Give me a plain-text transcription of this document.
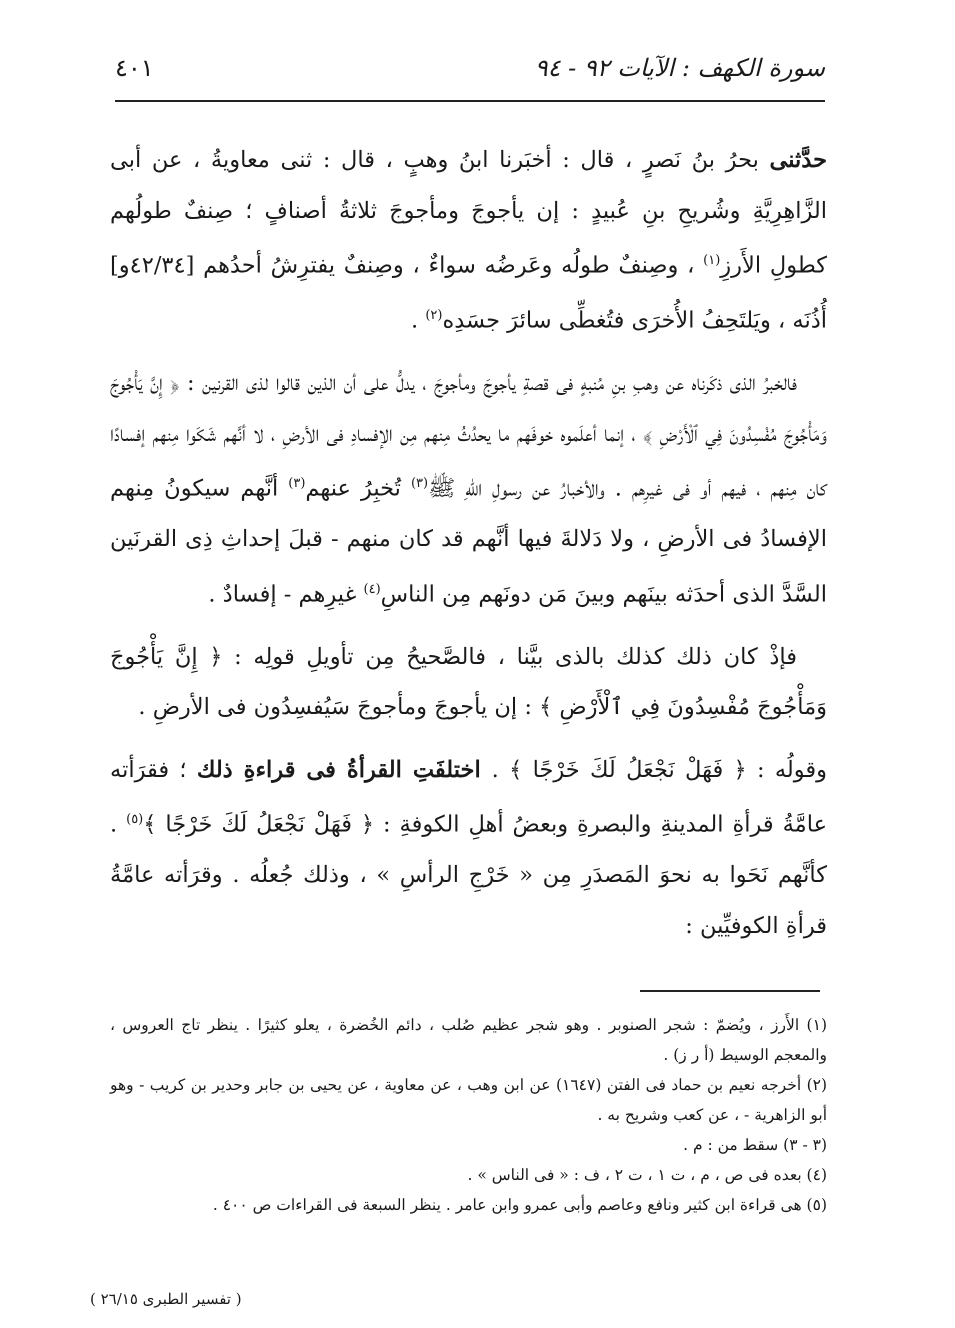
سورة الكهف : الآيات ٩٢ - ٩٤
٤٠١

حدَّثنى بحرُ بنُ نَصرٍ ، قال : أخبَرنا ابنُ وهبٍ ، قال : ثنى معاويةُ ، عن أبى الزَّاهِرِيَّةِ وشُريحِ بنِ عُبيدٍ : إن يأجوجَ ومأجوجَ ثلاثةُ أصنافٍ ؛ صِنفٌ طولُهم كطولِ الأَرزِ$^{(١)}$ ، وصِنفٌ طولُه وعَرضُه سواءٌ ، وصِنفٌ يفترِشُ أحدُهم [٤٢/٣٤و] أُذُنَه ، ويَلتَحِفُ الأُخرَى فتُغطِّى سائرَ جسَدِه$^{(٢)}$ .

فالخبرُ الذى ذكَرناه عن وهبِ بنِ مُنبهٍ فى قصةِ يأجوجَ ومأجوجَ ، يدلُّ على أن الذين قالوا لذى القرنين : ﴿ إِنَّ يَأْجُوجَ وَمَأْجُوجَ مُفْسِدُونَ فِي ٱلْأَرْضِ ﴾ ، إنما أعلَموه خوفَهم ما يحدُثُ مِنهم مِن الإفسادِ فى الأرضِ ، لا أنَّهم شَكَوا مِنهم إفسادًا كان مِنهم ، فيهم أو فى غيرِهم . والأخبارُ عن رسولِ اللهِ ﷺ$^{(٣)}$ تُخبِرُ عنهم$^{(٣)}$ أنَّهم سيكونُ مِنهم الإفسادُ فى الأرضِ ، ولا دَلالةَ فيها أنَّهم قد كان منهم - قبلَ إحداثِ ذِى القرنَين السَّدَّ الذى أحدَثه بينَهم وبينَ مَن دونَهم مِن الناسِ$^{(٤)}$ غيرِهم - إفسادٌ .

فإذْ كان ذلك كذلك بالذى بيَّنا ، فالصَّحيحُ مِن تأويلِ قولِه : ﴿ إِنَّ يَأْجُوجَ وَمَأْجُوجَ مُفْسِدُونَ فِي ٱلْأَرْضِ ﴾ : إن يأجوجَ ومأجوجَ سَيُفسِدُون فى الأرضِ .

وقولُه : ﴿ فَهَلْ نَجْعَلُ لَكَ خَرْجًا ﴾ . اختلفَتِ القرأةُ فى قراءةِ ذلك ؛ فقرَأته عامَّةُ قرأةِ المدينةِ والبصرةِ وبعضُ أهلِ الكوفةِ : ﴿ فَهَلْ نَجْعَلُ لَكَ خَرْجًا ﴾$^{(٥)}$ . كأنَّهم نَحَوا به نحوَ المَصدَرِ مِن « خَرْجِ الرأسِ » ، وذلك جُعلُه . وقرَأته عامَّةُ قرأةِ الكوفيِّين :

(١) الأَرز ، ويُضمّ : شجر الصنوبر . وهو شجر عظيم صُلب ، دائم الخُضرة ، يعلو كثيرًا . ينظر تاج العروس ، والمعجم الوسيط (أ ر ز) .

(٢) أخرجه نعيم بن حماد فى الفتن (١٦٤٧) عن ابن وهب ، عن معاوية ، عن يحيى بن جابر وحدير بن كريب - وهو أبو الزاهرية - ، عن كعب وشريح به .

(٣ - ٣) سقط من : م .

(٤) بعده فى ص ، م ، ت ١ ، ت ٢ ، ف : « فى الناس » .

(٥) هى قراءة ابن كثير ونافع وعاصم وأبى عمرو وابن عامر . ينظر السبعة فى القراءات ص ٤٠٠ .

( تفسير الطبرى ٢٦/١٥ )
